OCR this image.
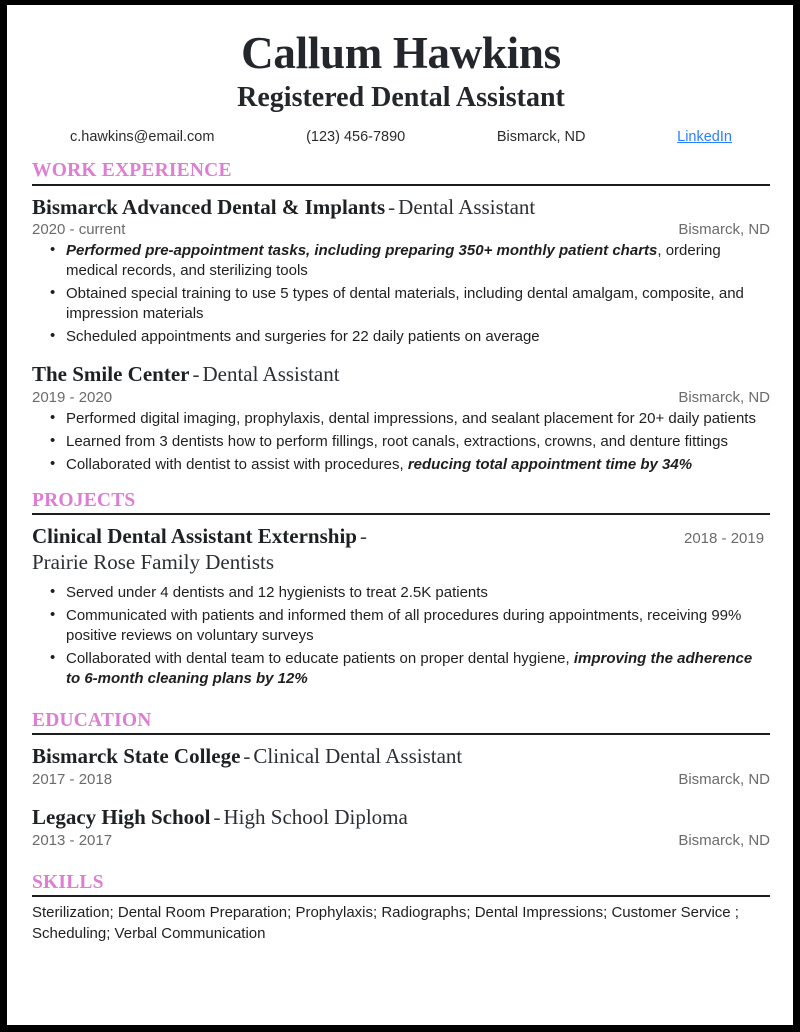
Callum Hawkins
Registered Dental Assistant
c.hawkins@email.com	(123) 456-7890	Bismarck, ND	LinkedIn
WORK EXPERIENCE
Bismarck Advanced Dental & Implants - Dental Assistant
2020 - current	Bismarck, ND
• Performed pre-appointment tasks, including preparing 350+ monthly patient charts, ordering medical records, and sterilizing tools
• Obtained special training to use 5 types of dental materials, including dental amalgam, composite, and impression materials
• Scheduled appointments and surgeries for 22 daily patients on average
The Smile Center - Dental Assistant
2019 - 2020	Bismarck, ND
• Performed digital imaging, prophylaxis, dental impressions, and sealant placement for 20+ daily patients
• Learned from 3 dentists how to perform fillings, root canals, extractions, crowns, and denture fittings
• Collaborated with dentist to assist with procedures, reducing total appointment time by 34%
PROJECTS
Clinical Dental Assistant Externship -
Prairie Rose Family Dentists
2018 - 2019
• Served under 4 dentists and 12 hygienists to treat 2.5K patients
• Communicated with patients and informed them of all procedures during appointments, receiving 99% positive reviews on voluntary surveys
• Collaborated with dental team to educate patients on proper dental hygiene, improving the adherence to 6-month cleaning plans by 12%
EDUCATION
Bismarck State College - Clinical Dental Assistant
2017 - 2018	Bismarck, ND
Legacy High School - High School Diploma
2013 - 2017	Bismarck, ND
SKILLS
Sterilization; Dental Room Preparation; Prophylaxis; Radiographs; Dental Impressions; Customer Service ; Scheduling; Verbal Communication
